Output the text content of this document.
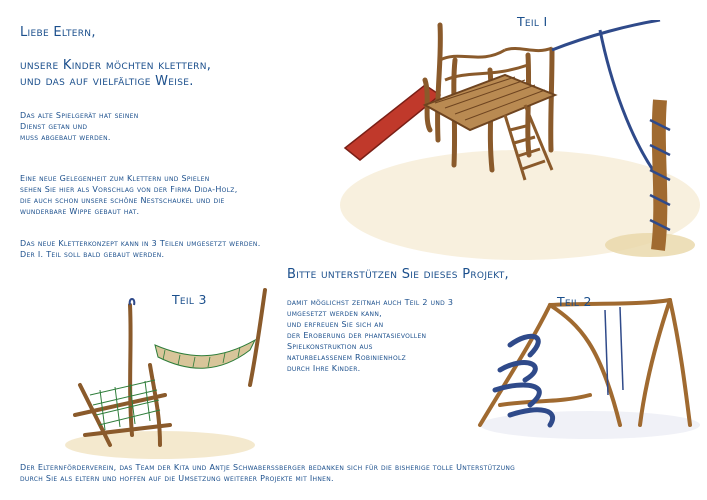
Liebe Eltern,

unsere Kinder möchten klettern,

und das auf vielfältige Weise.

Das alte Spielgerät hat seinen
Dienst getan und
muss abgebaut werden.
Eine neue Gelegenheit zum Klettern und Spielen
sehen Sie hier als Vorschlag von der Firma Dida-Holz,
die auch schon unsere schöne Nestschaukel und die
wunderbare Wippe gebaut hat.
Das neue Kletterkonzept kann in 3 Teilen umgesetzt werden.
Der I. Teil soll bald gebaut werden.

Bitte unterstützen Sie dieses Projekt,

damit möglichst zeitnah auch Teil 2 und 3
umgesetzt werden kann,
und erfreuen Sie sich an
der Eroberung der phantasievollen
Spielkonstruktion aus
naturbelassenem Robinienholz
durch Ihre Kinder.

Teil I

Teil 3	Teil 2

Der Elternförderverein, das Team der Kita und Antje Schwaberssberger bedanken sich für die bisherige tolle Unterstützung
durch Sie als eltern und hoffen auf die Umsetzung weiterer Projekte mit Ihnen.
